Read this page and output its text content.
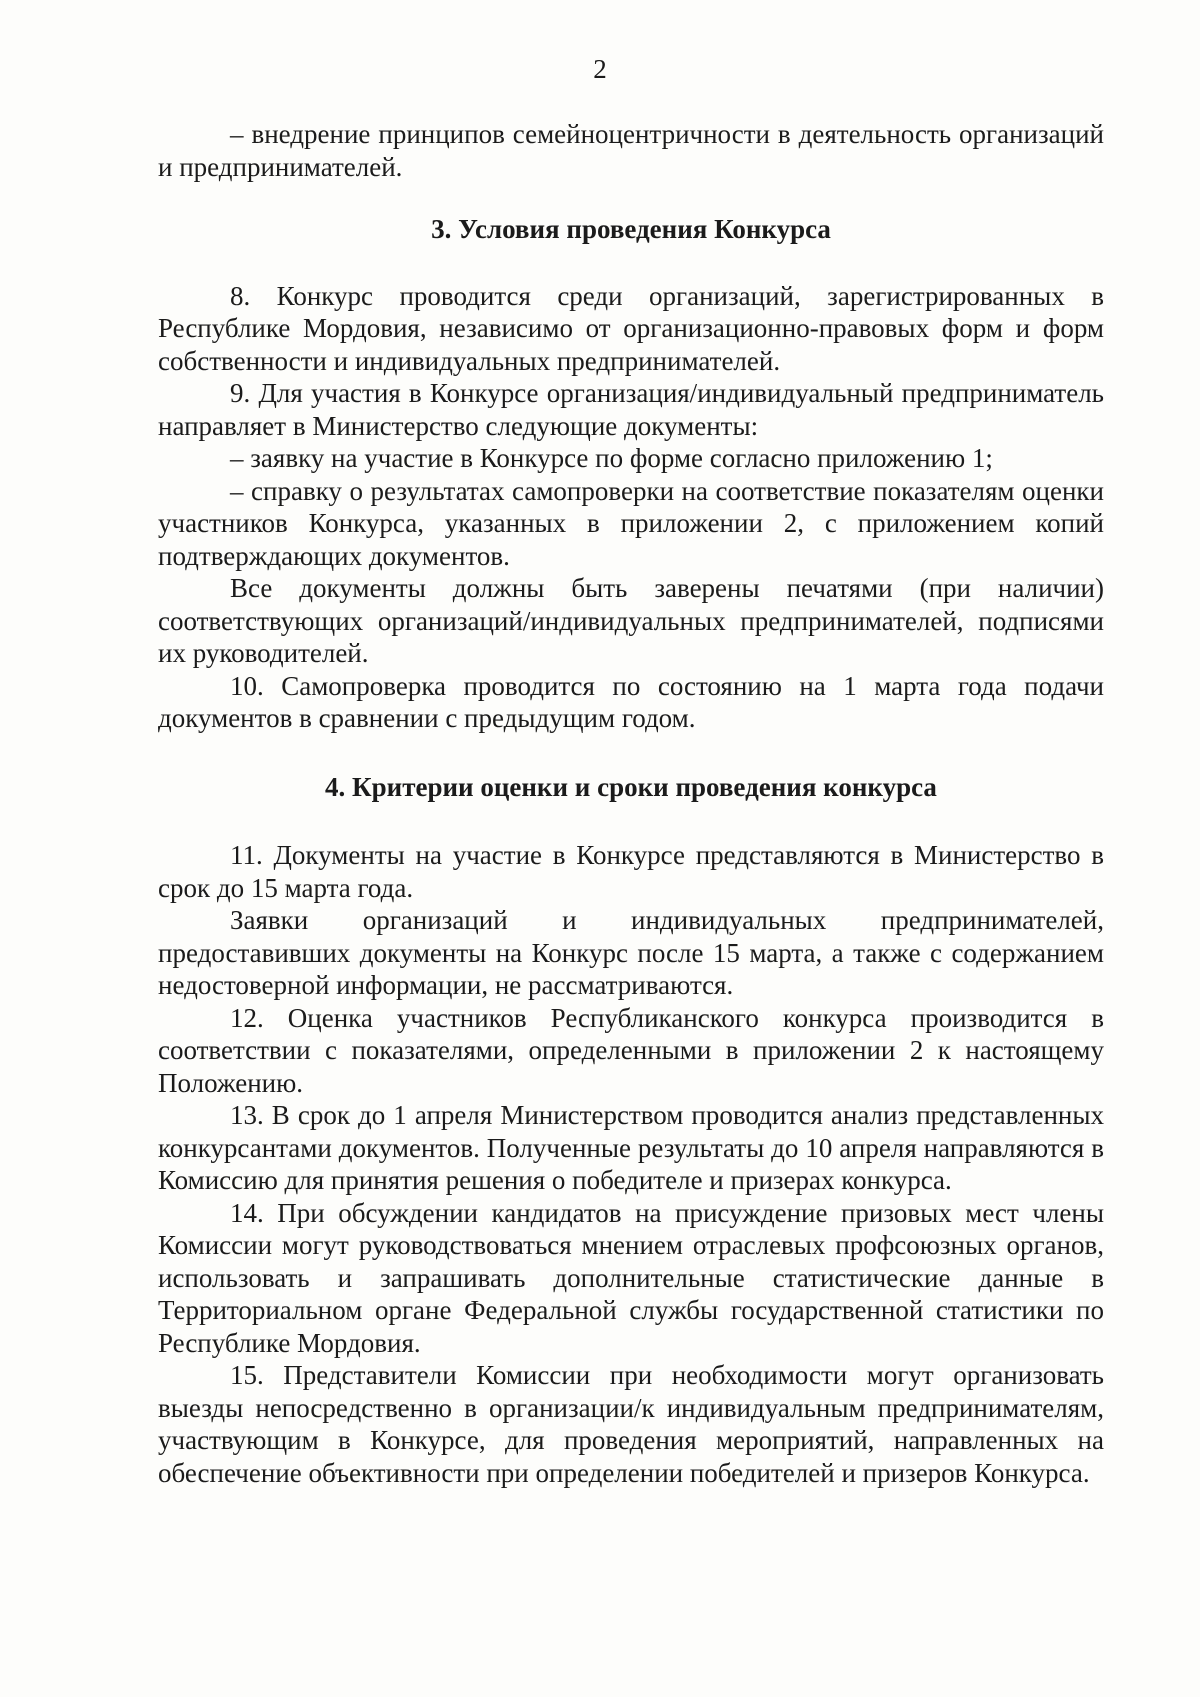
2

– внедрение принципов семейноцентричности в деятельность организаций и предпринимателей.

3. Условия проведения Конкурса

8. Конкурс проводится среди организаций, зарегистрированных в Республике Мордовия, независимо от организационно-правовых форм и форм собственности и индивидуальных предпринимателей.

9. Для участия в Конкурсе организация/индивидуальный предприниматель направляет в Министерство следующие документы:

– заявку на участие в Конкурсе по форме согласно приложению 1;

– справку о результатах самопроверки на соответствие показателям оценки участников Конкурса, указанных в приложении 2, с приложением копий подтверждающих документов.

Все документы должны быть заверены печатями (при наличии) соответствующих организаций/индивидуальных предпринимателей, подписями их руководителей.

10. Самопроверка проводится по состоянию на 1 марта года подачи документов в сравнении с предыдущим годом.

4. Критерии оценки и сроки проведения конкурса

11. Документы на участие в Конкурсе представляются в Министерство в срок до 15 марта года.

Заявки организаций и индивидуальных предпринимателей, предоставивших документы на Конкурс после 15 марта, а также с содержанием недостоверной информации, не рассматриваются.

12. Оценка участников Республиканского конкурса производится в соответствии с показателями, определенными в приложении 2 к настоящему Положению.

13. В срок до 1 апреля Министерством проводится анализ представленных конкурсантами документов. Полученные результаты до 10 апреля направляются в Комиссию для принятия решения о победителе и призерах конкурса.

14. При обсуждении кандидатов на присуждение призовых мест члены Комиссии могут руководствоваться мнением отраслевых профсоюзных органов, использовать и запрашивать дополнительные статистические данные в Территориальном органе Федеральной службы государственной статистики по Республике Мордовия.

15. Представители Комиссии при необходимости могут организовать выезды непосредственно в организации/к индивидуальным предпринимателям, участвующим в Конкурсе, для проведения мероприятий, направленных на обеспечение объективности при определении победителей и призеров Конкурса.
